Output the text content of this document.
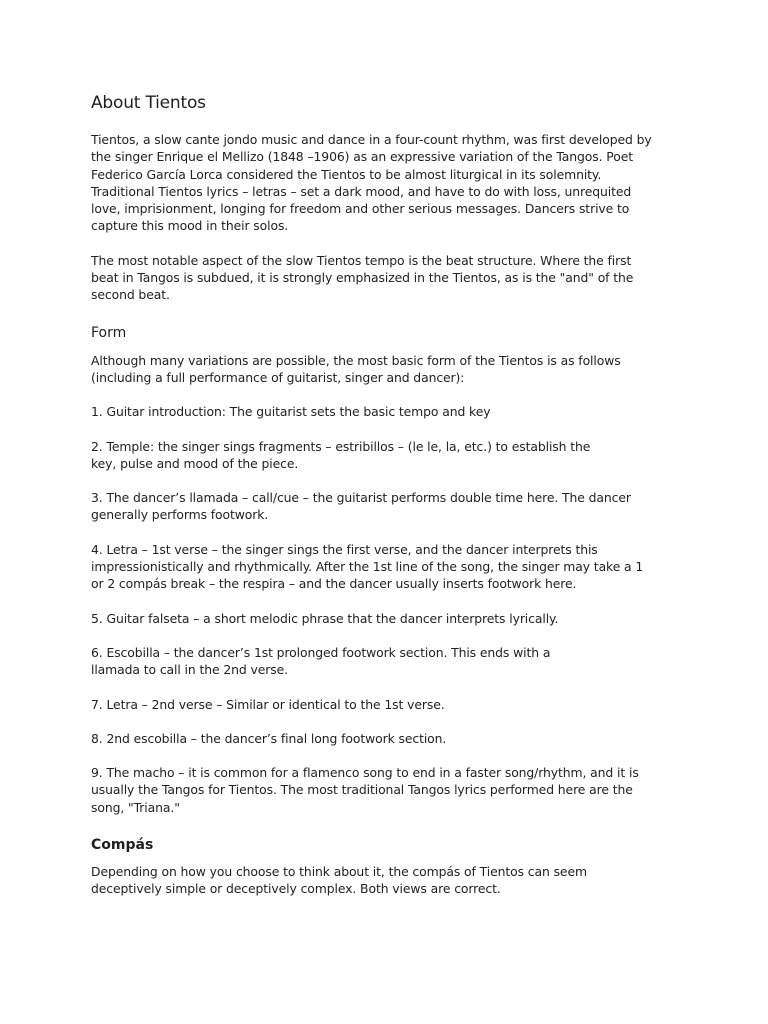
About Tientos

Tientos, a slow cante jondo music and dance in a four-count rhythm, was first developed by
the singer Enrique el Mellizo (1848 –1906) as an expressive variation of the Tangos. Poet
Federico García Lorca considered the Tientos to be almost liturgical in its solemnity.
Traditional Tientos lyrics – letras – set a dark mood, and have to do with loss, unrequited
love, imprisionment, longing for freedom and other serious messages. Dancers strive to
capture this mood in their solos.

The most notable aspect of the slow Tientos tempo is the beat structure. Where the first
beat in Tangos is subdued, it is strongly emphasized in the Tientos, as is the "and" of the
second beat.

Form

Although many variations are possible, the most basic form of the Tientos is as follows
(including a full performance of guitarist, singer and dancer):

1. Guitar introduction: The guitarist sets the basic tempo and key

2. Temple: the singer sings fragments – estribillos – (le le, la, etc.) to establish the
key, pulse and mood of the piece.

3. The dancer’s llamada – call/cue – the guitarist performs double time here. The dancer
generally performs footwork.

4. Letra – 1st verse – the singer sings the first verse, and the dancer interprets this
impressionistically and rhythmically. After the 1st line of the song, the singer may take a 1
or 2 compás break – the respira – and the dancer usually inserts footwork here.

5. Guitar falseta – a short melodic phrase that the dancer interprets lyrically.

6. Escobilla – the dancer’s 1st prolonged footwork section. This ends with a
llamada to call in the 2nd verse.

7. Letra – 2nd verse – Similar or identical to the 1st verse.

8. 2nd escobilla – the dancer’s final long footwork section.

9. The macho – it is common for a flamenco song to end in a faster song/rhythm, and it is
usually the Tangos for Tientos. The most traditional Tangos lyrics performed here are the
song, "Triana."

Compás

Depending on how you choose to think about it, the compás of Tientos can seem
deceptively simple or deceptively complex. Both views are correct.
